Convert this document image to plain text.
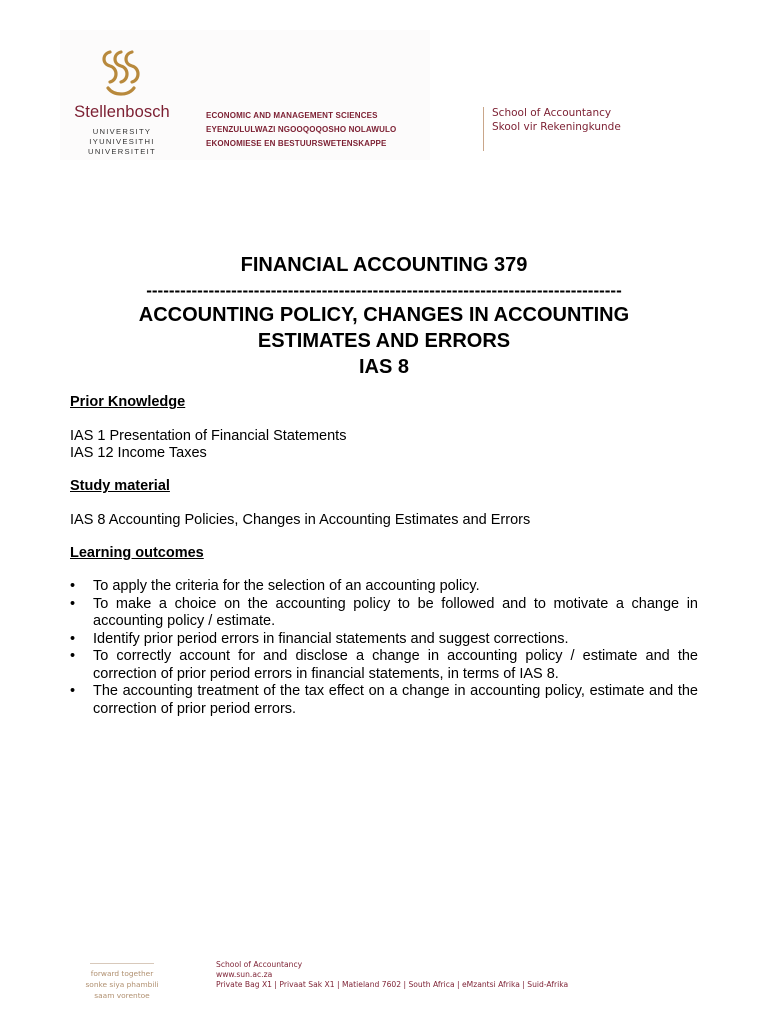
Stellenbosch
UNIVERSITY
IYUNIVESITHI
UNIVERSITEIT
ECONOMIC AND MANAGEMENT SCIENCES
EYENZULULWAZI NGOOQOQOSHO NOLAWULO
EKONOMIESE EN BESTUURSWETENSKAPPE
School of Accountancy
Skool vir Rekeningkunde
FINANCIAL ACCOUNTING 379
------------------------------------------------------------------------------------
ACCOUNTING POLICY, CHANGES IN ACCOUNTING
ESTIMATES AND ERRORS
IAS 8
Prior Knowledge
IAS 1 Presentation of Financial Statements
IAS 12 Income Taxes
Study material
IAS 8 Accounting Policies, Changes in Accounting Estimates and Errors
Learning outcomes
• To apply the criteria for the selection of an accounting policy.
• To make a choice on the accounting policy to be followed and to motivate a change in accounting policy / estimate.
• Identify prior period errors in financial statements and suggest corrections.
• To correctly account for and disclose a change in accounting policy / estimate and the correction of prior period errors in financial statements, in terms of IAS 8.
• The accounting treatment of the tax effect on a change in accounting policy, estimate and the correction of prior period errors.
forward together
sonke siya phambili
saam vorentoe
School of Accountancy
www.sun.ac.za
Private Bag X1 | Privaat Sak X1 | Matieland 7602 | South Africa | eMzantsi Afrika | Suid-Afrika
